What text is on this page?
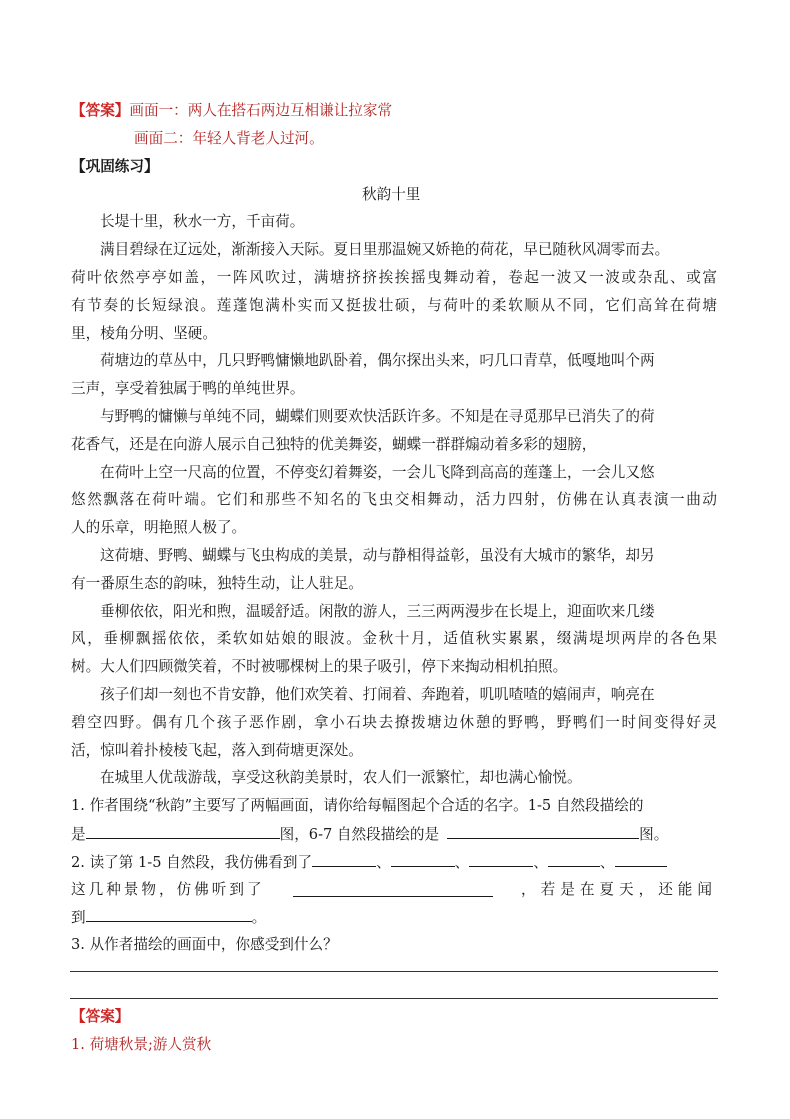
【答案】画面一：两人在搭石两边互相谦让拉家常
画面二：年轻人背老人过河。
【巩固练习】
秋韵十里
长堤十里，秋水一方，千亩荷。
满目碧绿在辽远处，渐渐接入天际。夏日里那温婉又娇艳的荷花，早已随秋风凋零而去。
荷叶依然亭亭如盖，一阵风吹过，满塘挤挤挨挨摇曳舞动着，卷起一波又一波或杂乱、或富
有节奏的长短绿浪。莲蓬饱满朴实而又挺拔壮硕，与荷叶的柔软顺从不同，它们高耸在荷塘
里，棱角分明、坚硬。
荷塘边的草丛中，几只野鸭慵懒地趴卧着，偶尔探出头来，叼几口青草，低嘎地叫个两
三声，享受着独属于鸭的单纯世界。
与野鸭的慵懒与单纯不同，蝴蝶们则要欢快活跃许多。不知是在寻觅那早已消失了的荷
花香气，还是在向游人展示自己独特的优美舞姿，蝴蝶一群群煽动着多彩的翅膀，
在荷叶上空一尺高的位置，不停变幻着舞姿，一会儿飞降到高高的莲蓬上，一会儿又悠
悠然飘落在荷叶端。它们和那些不知名的飞虫交相舞动，活力四射，仿佛在认真表演一曲动
人的乐章，明艳照人极了。
这荷塘、野鸭、蝴蝶与飞虫构成的美景，动与静相得益彰，虽没有大城市的繁华，却另
有一番原生态的韵味，独特生动，让人驻足。
垂柳依依，阳光和煦，温暖舒适。闲散的游人，三三两两漫步在长堤上，迎面吹来几缕
风，垂柳飘摇依依，柔软如姑娘的眼波。金秋十月，适值秋实累累，缀满堤坝两岸的各色果
树。大人们四顾微笑着，不时被哪棵树上的果子吸引，停下来掏动相机拍照。
孩子们却一刻也不肯安静，他们欢笑着、打闹着、奔跑着，叽叽喳喳的嬉闹声，响亮在
碧空四野。偶有几个孩子恶作剧，拿小石块去撩拨塘边休憩的野鸭，野鸭们一时间变得好灵
活，惊叫着扑棱棱飞起，落入到荷塘更深处。
在城里人优哉游哉，享受这秋韵美景时，农人们一派繁忙，却也满心愉悦。
1. 作者围绕“秋韵”主要写了两幅画面，请你给每幅图起个合适的名字。1-5 自然段描绘的
是	图，6-7 自然段描绘的是	图。
2. 读了第 1-5 自然段，我仿佛看到了	、	、	、	、
这几种景物，仿佛听到了	，若是在夏天，还能闻
到	。
3. 从作者描绘的画面中，你感受到什么？
【答案】
1. 荷塘秋景;游人赏秋
